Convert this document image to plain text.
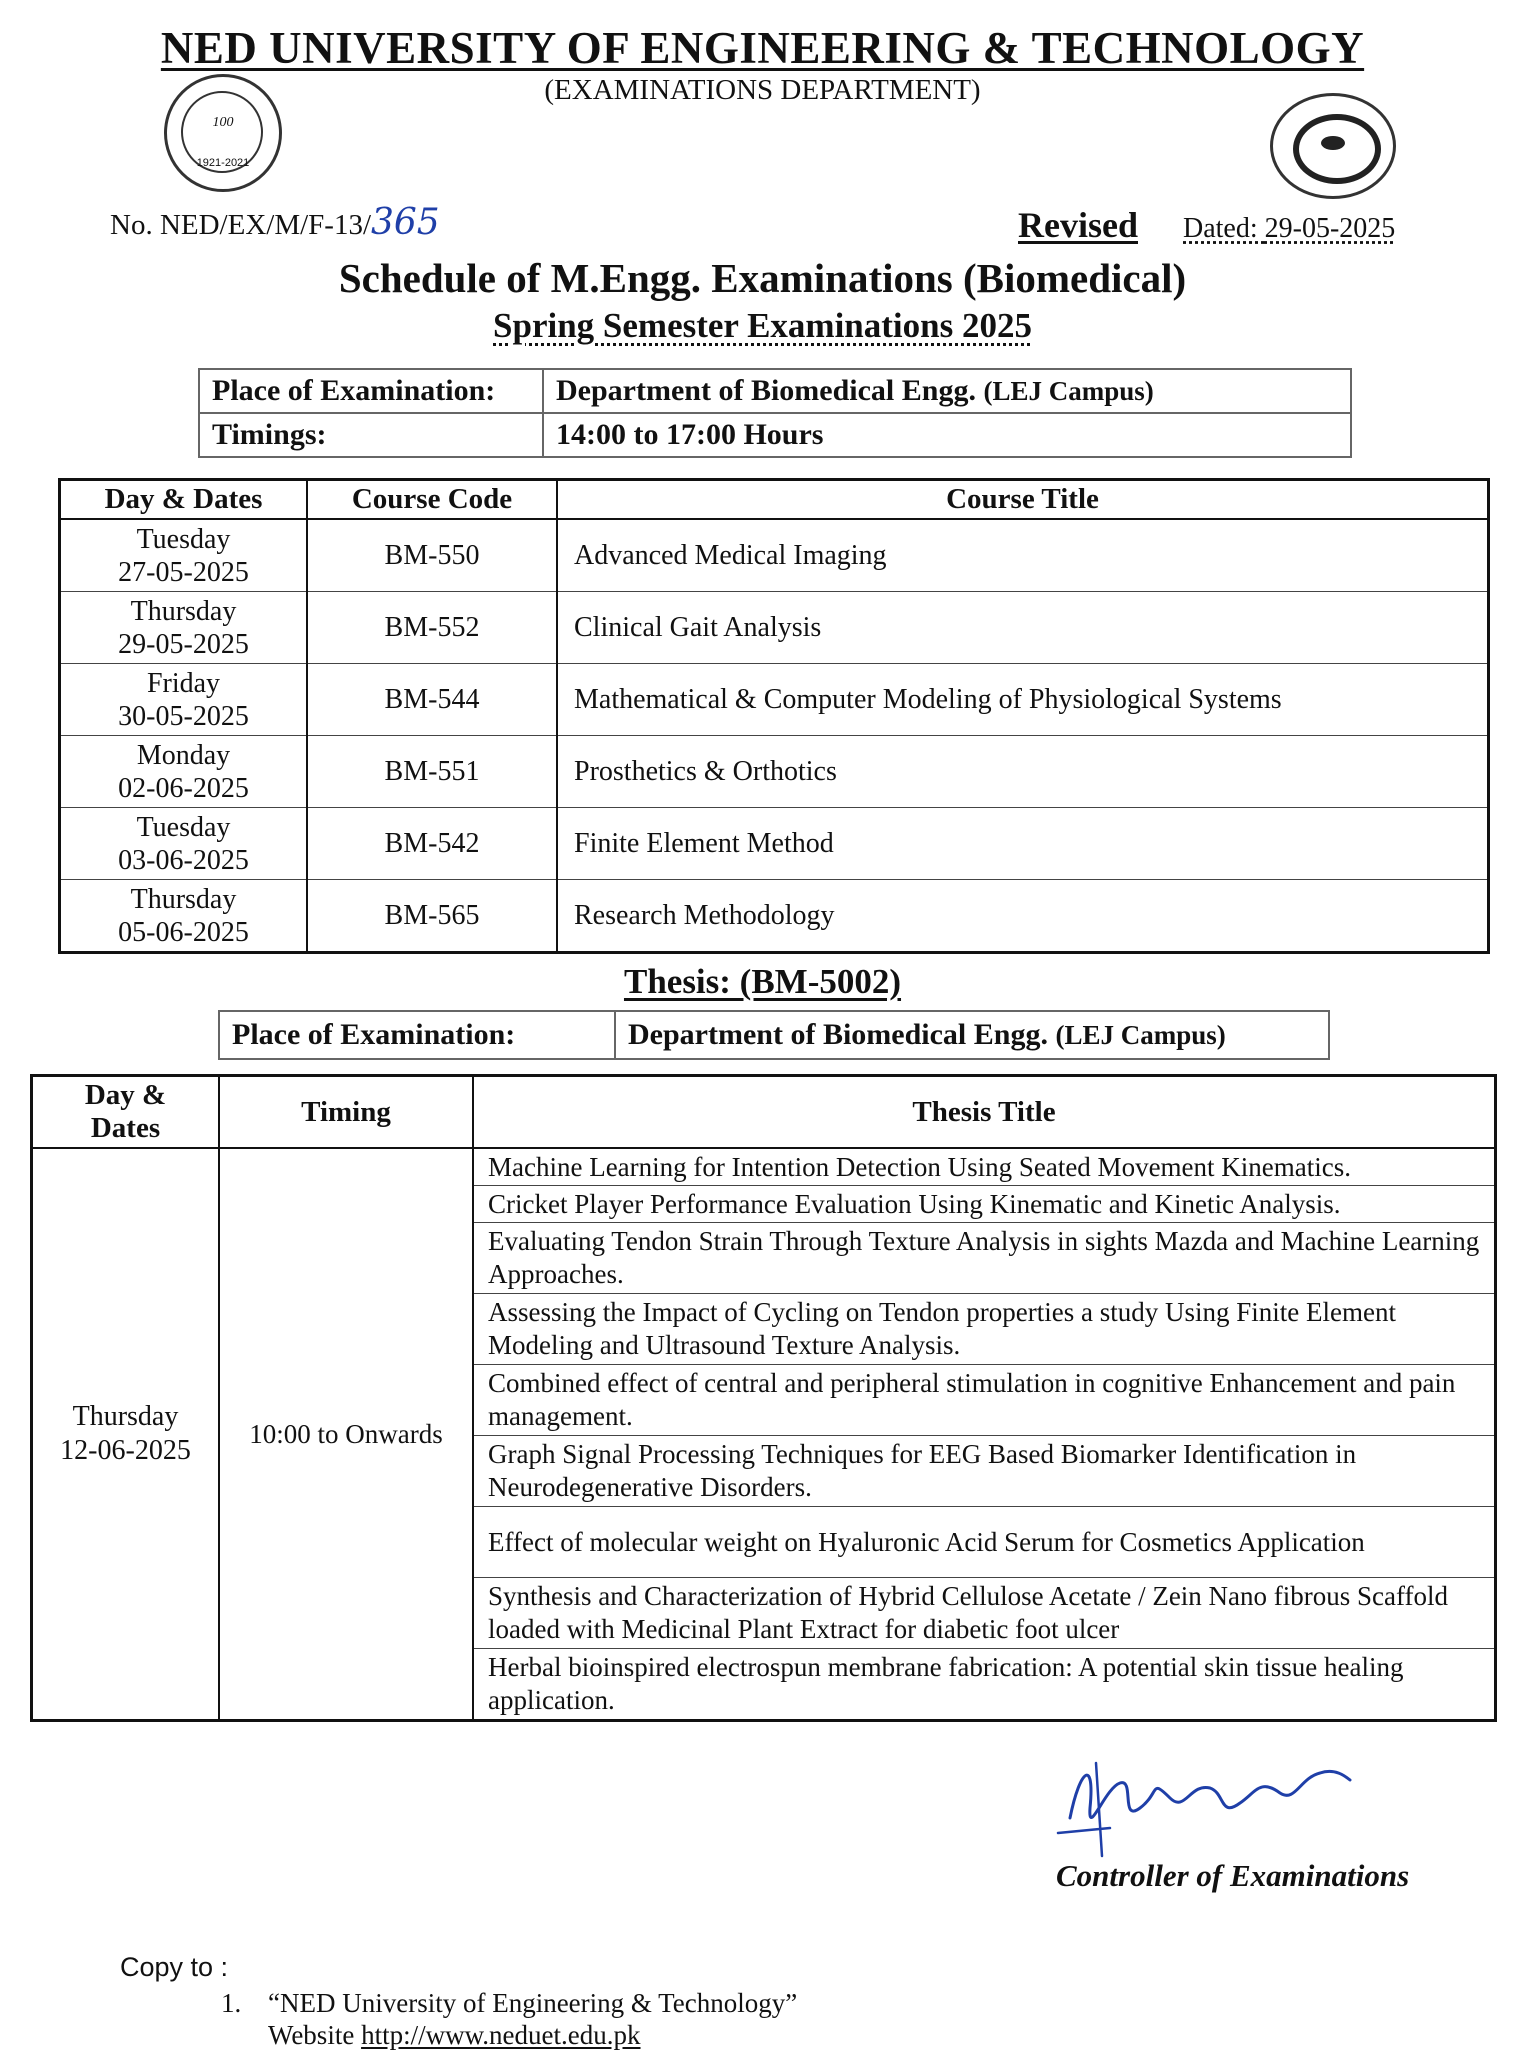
NED UNIVERSITY OF ENGINEERING & TECHNOLOGY
(EXAMINATIONS DEPARTMENT)
100
1921-2021
No. NED/EX/M/F-13/365	Revised Dated: 29-05-2025
Schedule of M.Engg. Examinations (Biomedical)
Spring Semester Examinations 2025
Place of Examination:	Department of Biomedical Engg. (LEJ Campus)
Timings:	14:00 to 17:00 Hours
Day & Dates	Course Code	Course Title
Tuesday
27-05-2025	BM-550	Advanced Medical Imaging
Thursday
29-05-2025	BM-552	Clinical Gait Analysis
Friday
30-05-2025	BM-544	Mathematical & Computer Modeling of Physiological Systems
Monday
02-06-2025	BM-551	Prosthetics & Orthotics
Tuesday
03-06-2025	BM-542	Finite Element Method
Thursday
05-06-2025	BM-565	Research Methodology
Thesis: (BM-5002)
Place of Examination:	Department of Biomedical Engg. (LEJ Campus)
Day &
Dates	Timing	Thesis Title
Thursday
12-06-2025	10:00 to Onwards	Machine Learning for Intention Detection Using Seated Movement Kinematics.
		Cricket Player Performance Evaluation Using Kinematic and Kinetic Analysis.
		Evaluating Tendon Strain Through Texture Analysis in sights Mazda and Machine Learning Approaches.
		Assessing the Impact of Cycling on Tendon properties a study Using Finite Element Modeling and Ultrasound Texture Analysis.
		Combined effect of central and peripheral stimulation in cognitive Enhancement and pain management.
		Graph Signal Processing Techniques for EEG Based Biomarker Identification in Neurodegenerative Disorders.
		Effect of molecular weight on Hyaluronic Acid Serum for Cosmetics Application
		Synthesis and Characterization of Hybrid Cellulose Acetate / Zein Nano fibrous Scaffold loaded with Medicinal Plant Extract for diabetic foot ulcer
		Herbal bioinspired electrospun membrane fabrication: A potential skin tissue healing application.
Controller of Examinations
Copy to :
1. “NED University of Engineering & Technology”
Website http://www.neduet.edu.pk
